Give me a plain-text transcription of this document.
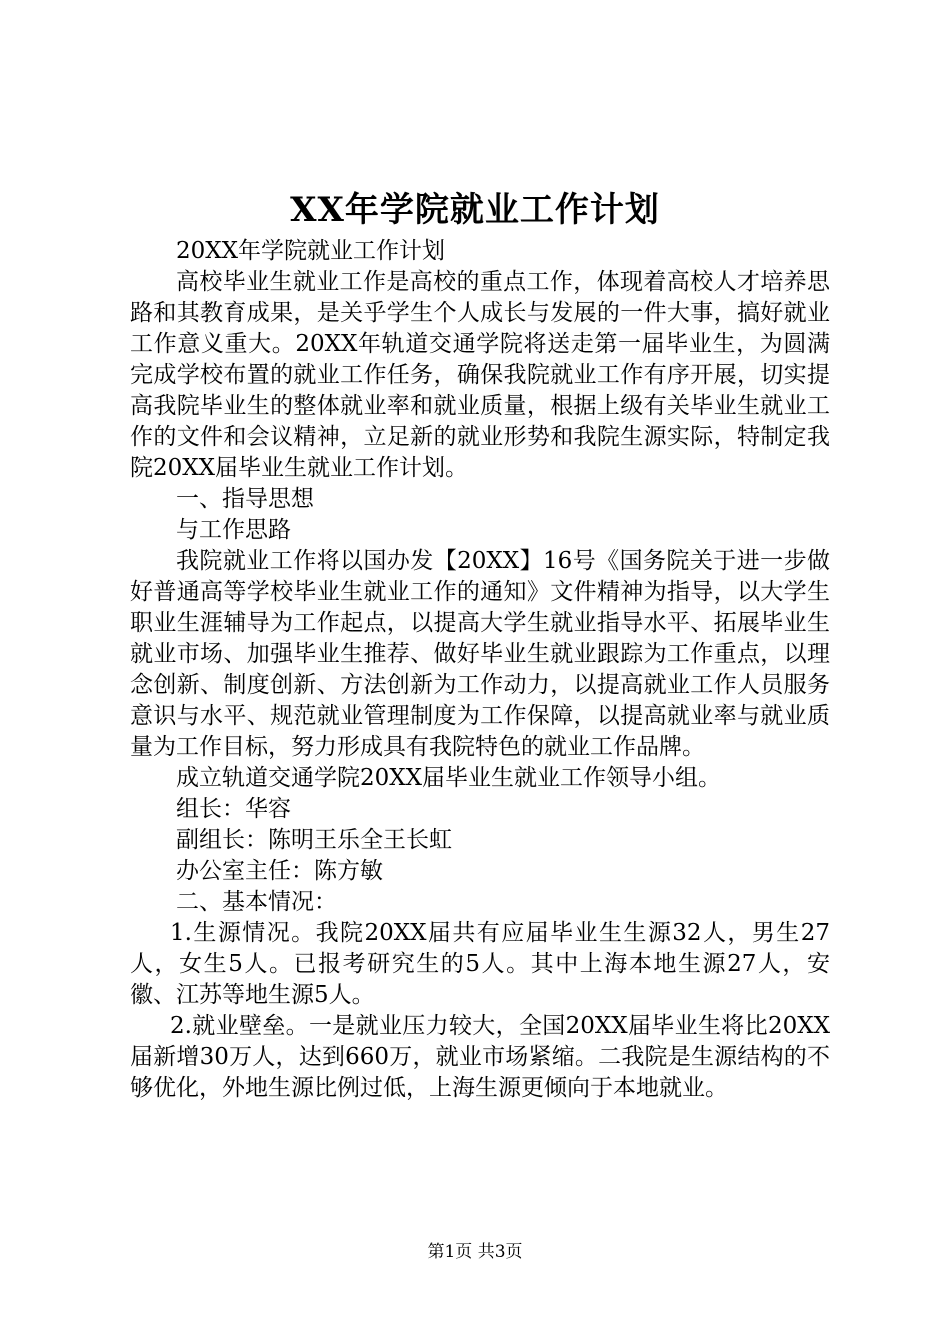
XX年学院就业工作计划

20XX年学院就业工作计划

高校毕业生就业工作是高校的重点工作，体现着高校人才培养思路和其教育成果，是关乎学生个人成长与发展的一件大事，搞好就业工作意义重大。20XX年轨道交通学院将送走第一届毕业生，为圆满完成学校布置的就业工作任务，确保我院就业工作有序开展，切实提高我院毕业生的整体就业率和就业质量，根据上级有关毕业生就业工作的文件和会议精神，立足新的就业形势和我院生源实际，特制定我院20XX届毕业生就业工作计划。

一、指导思想

与工作思路

我院就业工作将以国办发【20XX】16号《国务院关于进一步做好普通高等学校毕业生就业工作的通知》文件精神为指导，以大学生职业生涯辅导为工作起点，以提高大学生就业指导水平、拓展毕业生就业市场、加强毕业生推荐、做好毕业生就业跟踪为工作重点，以理念创新、制度创新、方法创新为工作动力，以提高就业工作人员服务意识与水平、规范就业管理制度为工作保障，以提高就业率与就业质量为工作目标，努力形成具有我院特色的就业工作品牌。

成立轨道交通学院20XX届毕业生就业工作领导小组。

组长：华容

副组长：陈明王乐全王长虹

办公室主任：陈方敏

二、基本情况：

1.生源情况。我院20XX届共有应届毕业生生源32人，男生27人，女生5人。已报考研究生的5人。其中上海本地生源27人，安徽、江苏等地生源5人。

2.就业壁垒。一是就业压力较大，全国20XX届毕业生将比20XX届新增30万人，达到660万，就业市场紧缩。二我院是生源结构的不够优化，外地生源比例过低，上海生源更倾向于本地就业。

第1页 共3页
